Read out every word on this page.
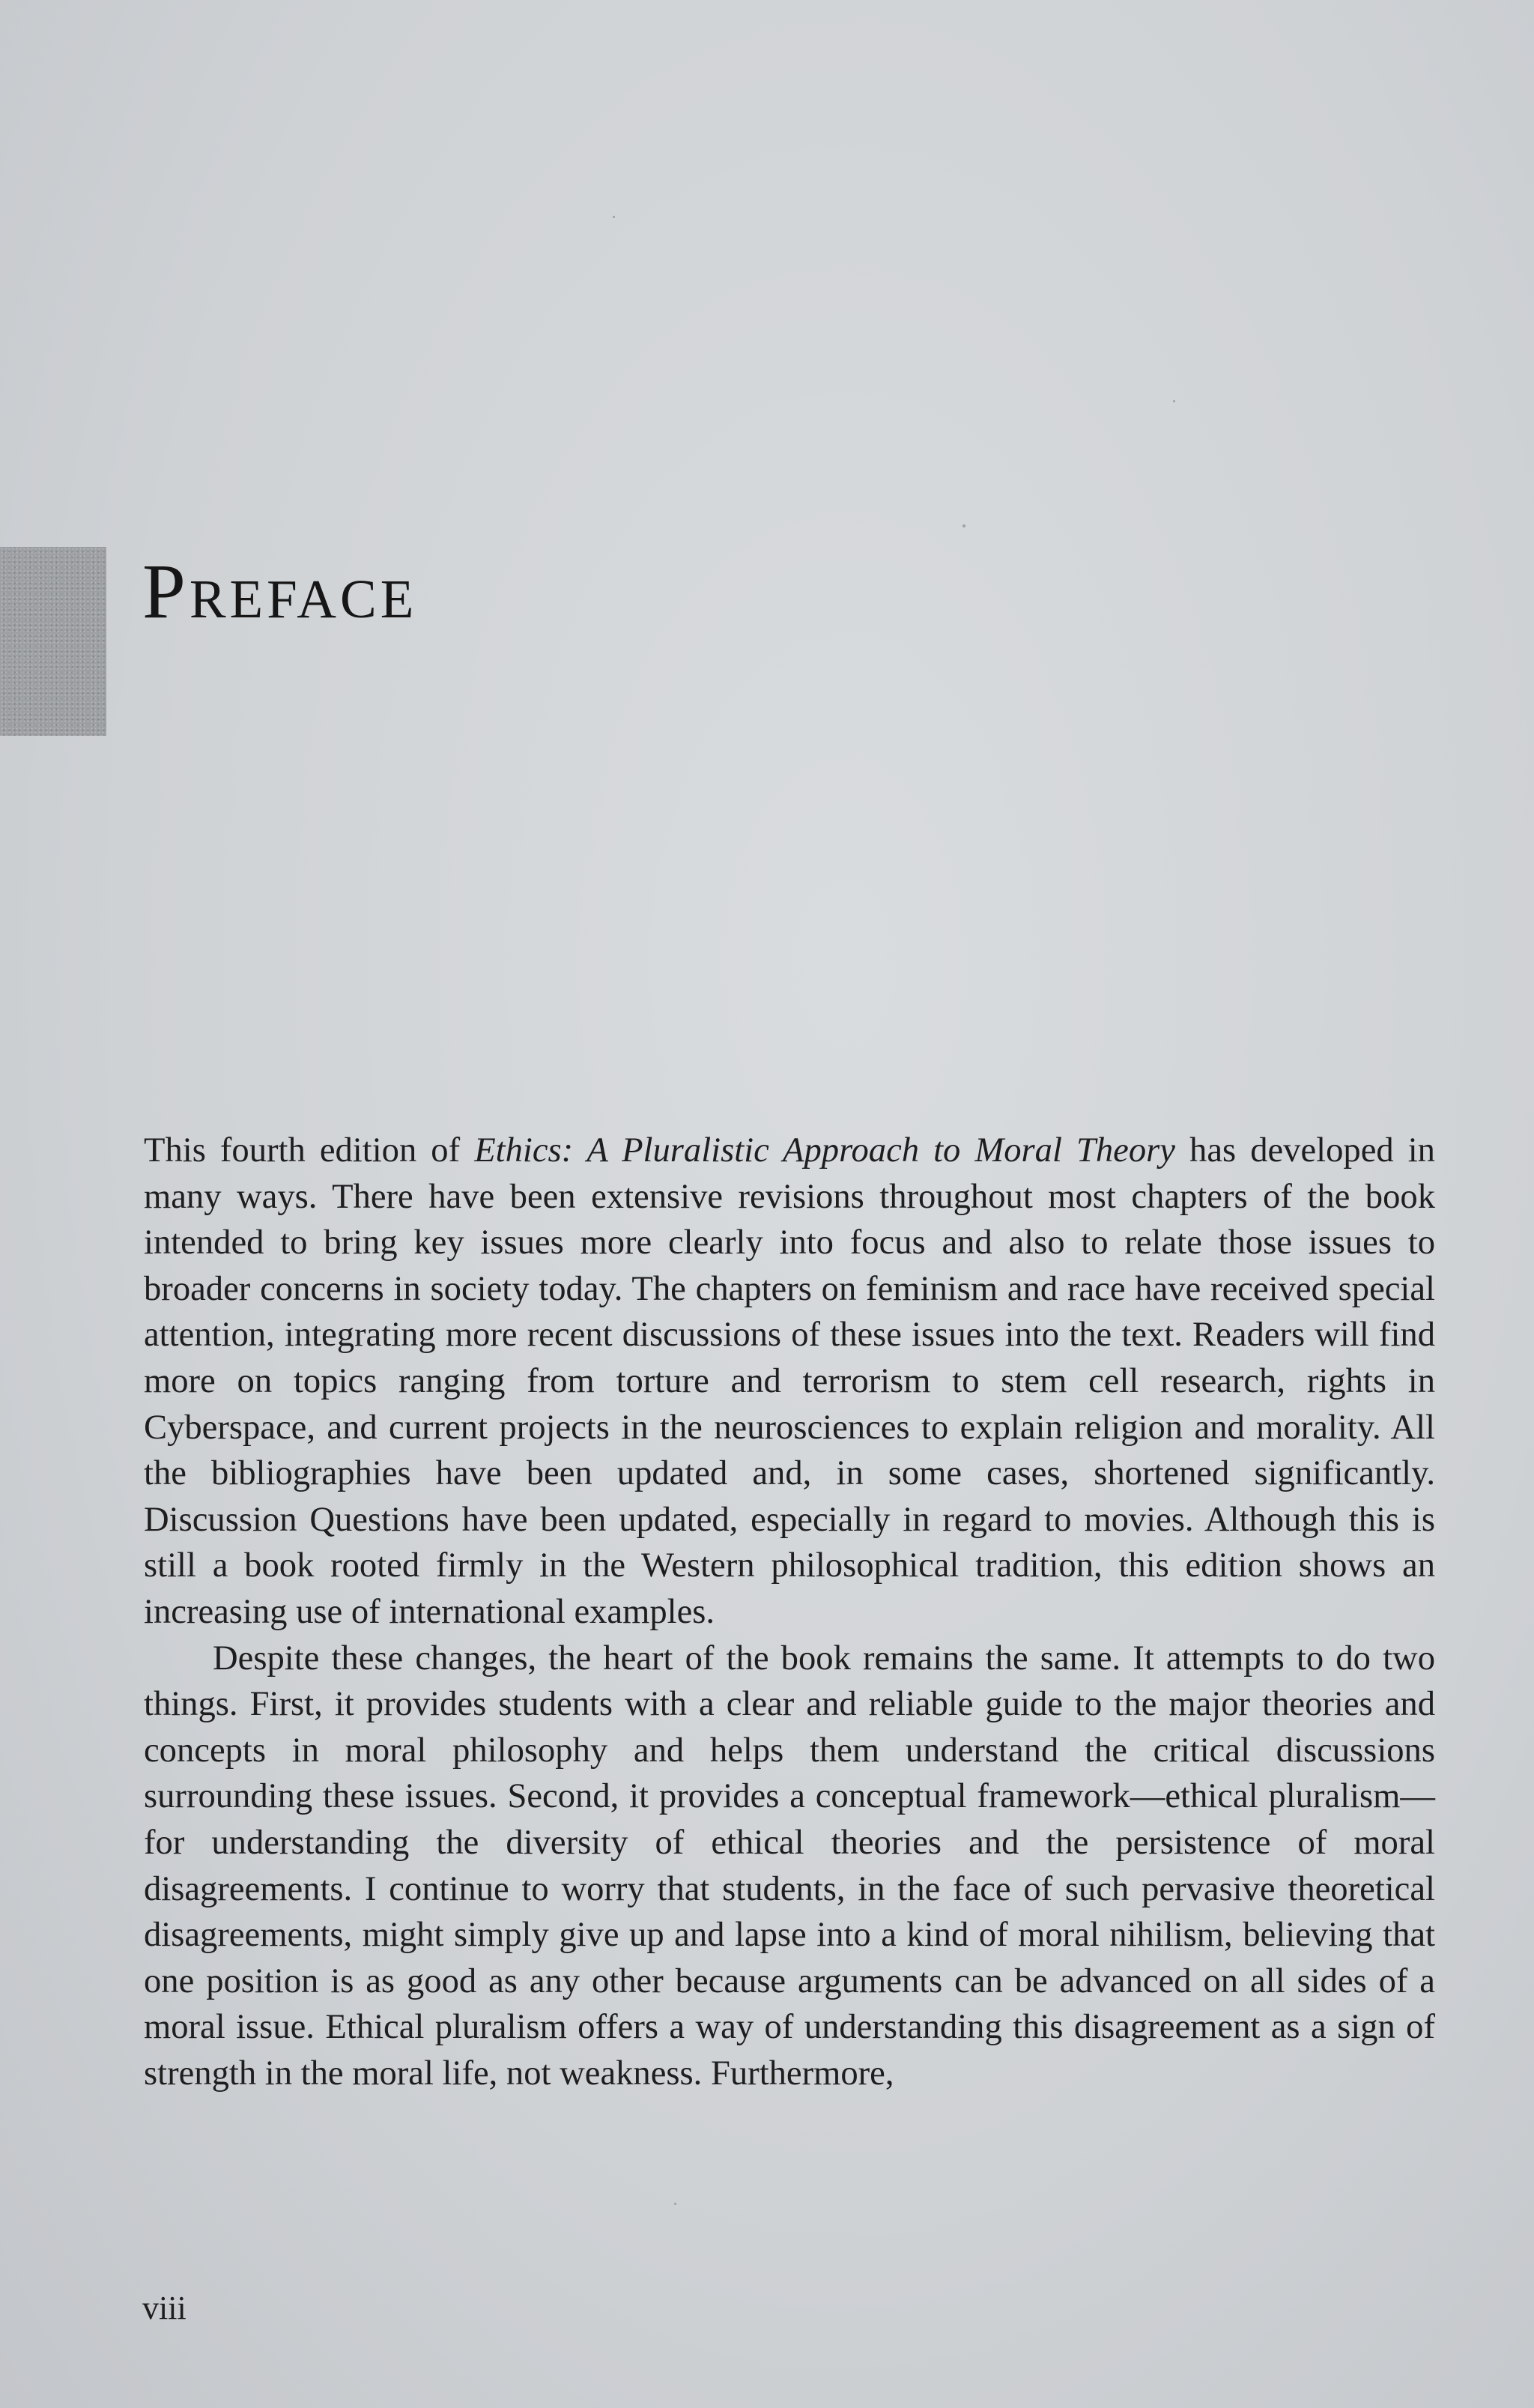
Preface

This fourth edition of Ethics: A Pluralistic Approach to Moral Theory has developed in many ways. There have been extensive revisions throughout most chapters of the book intended to bring key issues more clearly into focus and also to relate those issues to broader concerns in society today. The chapters on feminism and race have received special attention, integrating more recent discussions of these issues into the text. Readers will find more on topics ranging from torture and terrorism to stem cell research, rights in Cyberspace, and current projects in the neurosciences to explain religion and morality. All the bibliographies have been updated and, in some cases, shortened significantly. Discussion Questions have been updated, especially in regard to movies. Although this is still a book rooted firmly in the Western philosophical tradition, this edition shows an increasing use of international examples.

Despite these changes, the heart of the book remains the same. It attempts to do two things. First, it provides students with a clear and reliable guide to the major theories and concepts in moral philosophy and helps them understand the critical discussions surrounding these issues. Second, it provides a conceptual framework—ethical pluralism—for understanding the diversity of ethical theories and the persistence of moral disagreements. I continue to worry that students, in the face of such pervasive theoretical disagreements, might simply give up and lapse into a kind of moral nihilism, believing that one position is as good as any other because arguments can be advanced on all sides of a moral issue. Ethical pluralism offers a way of understanding this disagreement as a sign of strength in the moral life, not weakness. Furthermore,

viii
